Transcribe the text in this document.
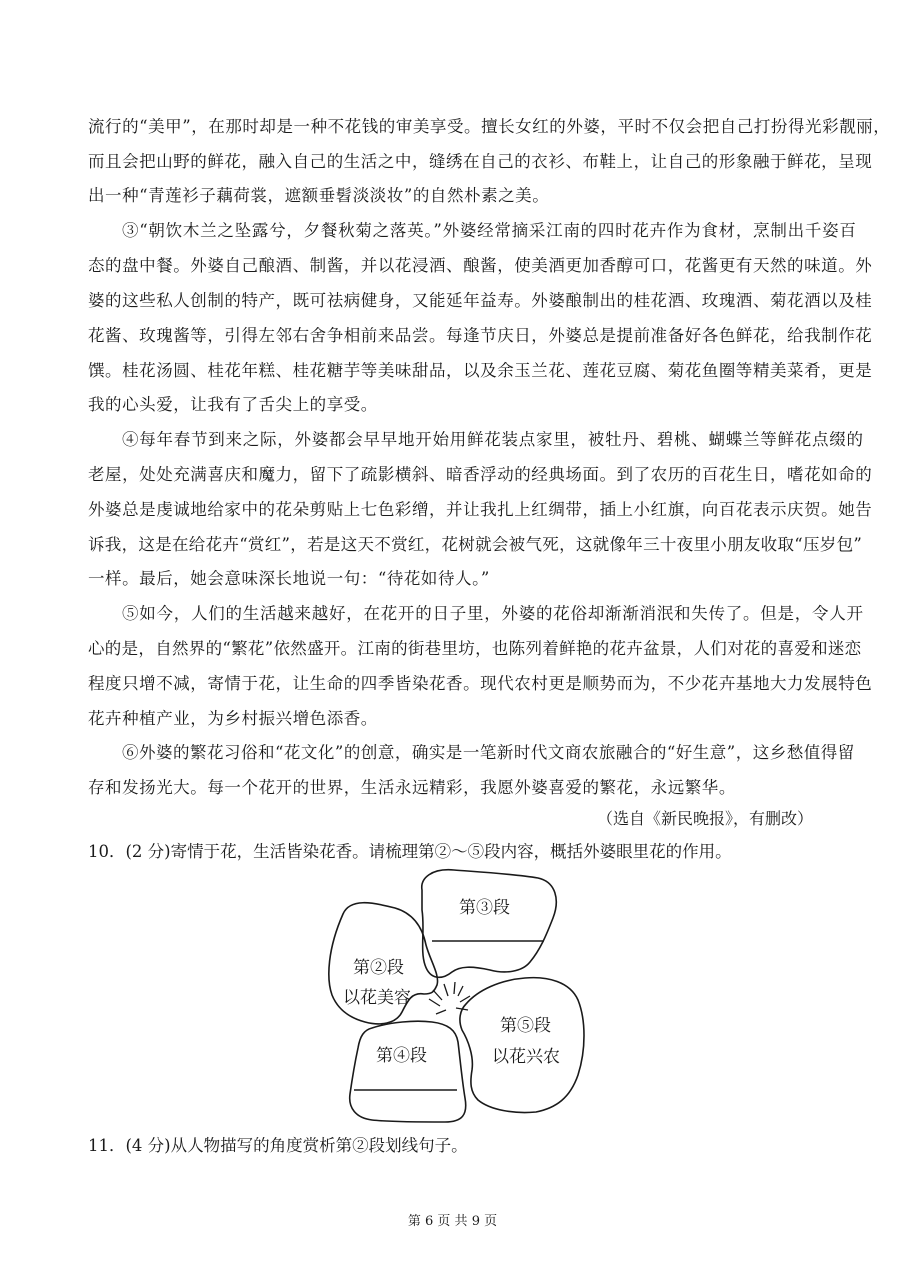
流行的“美甲”，在那时却是一种不花钱的审美享受。擅长女红的外婆，平时不仅会把自己打扮得光彩靓丽，
而且会把山野的鲜花，融入自己的生活之中，缝绣在自己的衣衫、布鞋上，让自己的形象融于鲜花，呈现
出一种“青莲衫子藕荷裳，遮额垂髫淡淡妆”的自然朴素之美。
③“朝饮木兰之坠露兮，夕餐秋菊之落英。”外婆经常摘采江南的四时花卉作为食材，烹制出千姿百
态的盘中餐。外婆自己酿酒、制酱，并以花浸酒、酿酱，使美酒更加香醇可口，花酱更有天然的味道。外
婆的这些私人创制的特产，既可祛病健身，又能延年益寿。外婆酿制出的桂花酒、玫瑰酒、菊花酒以及桂
花酱、玫瑰酱等，引得左邻右舍争相前来品尝。每逢节庆日，外婆总是提前准备好各色鲜花，给我制作花
馔。桂花汤圆、桂花年糕、桂花糖芋等美味甜品，以及余玉兰花、莲花豆腐、菊花鱼圈等精美菜肴，更是
我的心头爱，让我有了舌尖上的享受。
④每年春节到来之际，外婆都会早早地开始用鲜花装点家里，被牡丹、碧桃、蝴蝶兰等鲜花点缀的
老屋，处处充满喜庆和魔力，留下了疏影横斜、暗香浮动的经典场面。到了农历的百花生日，嗜花如命的
外婆总是虔诚地给家中的花朵剪贴上七色彩缯，并让我扎上红绸带，插上小红旗，向百花表示庆贺。她告
诉我，这是在给花卉“赏红”，若是这天不赏红，花树就会被气死，这就像年三十夜里小朋友收取“压岁包”
一样。最后，她会意味深长地说一句：“待花如待人。”
⑤如今，人们的生活越来越好，在花开的日子里，外婆的花俗却渐渐消泯和失传了。但是，令人开
心的是，自然界的“繁花”依然盛开。江南的街巷里坊，也陈列着鲜艳的花卉盆景，人们对花的喜爱和迷恋
程度只增不减，寄情于花，让生命的四季皆染花香。现代农村更是顺势而为，不少花卉基地大力发展特色
花卉种植产业，为乡村振兴增色添香。
⑥外婆的繁花习俗和“花文化”的创意，确实是一笔新时代文商农旅融合的“好生意”，这乡愁值得留
存和发扬光大。每一个花开的世界，生活永远精彩，我愿外婆喜爱的繁花，永远繁华。
（选自《新民晚报》，有删改）
10．(2 分)寄情于花，生活皆染花香。请梳理第②～⑤段内容，概括外婆眼里花的作用。
第③段
第②段
以花美容
第⑤段
以花兴农
第④段
11．(4 分)从人物描写的角度赏析第②段划线句子。
第 6 页 共 9 页
